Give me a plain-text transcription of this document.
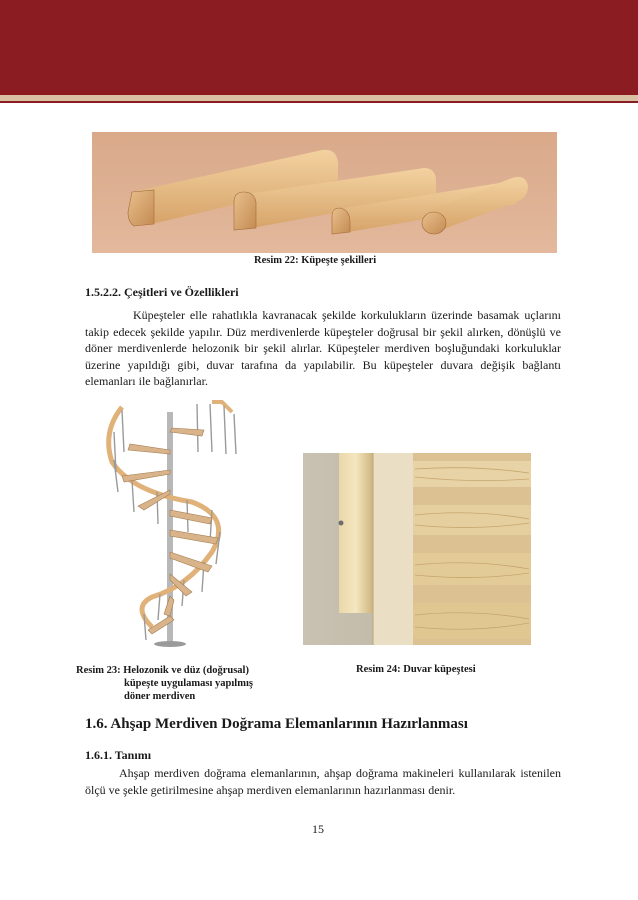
Resim 22: Küpeşte şekilleri
1.5.2.2. Çeşitleri ve Özellikleri

Küpeşteler elle rahatlıkla kavranacak şekilde korkulukların üzerinde basamak uçlarını takip edecek şekilde yapılır. Düz merdivenlerde küpeşteler doğrusal bir şekil alırken, dönüşlü ve döner merdivenlerde helozonik bir şekil alırlar. Küpeşteler merdiven boşluğundaki korkuluklar üzerine yapıldığı gibi, duvar tarafına da yapılabilir. Bu küpeşteler duvara değişik bağlantı elemanları ile bağlanırlar.

Resim 23: Helozonik ve düz (doğrusal)
küpeşte uygulaması yapılmış
döner merdiven
Resim 24: Duvar küpeştesi
1.6. Ahşap Merdiven Doğrama Elemanlarının Hazırlanması
1.6.1. Tanımı

Ahşap merdiven doğrama elemanlarının, ahşap doğrama makineleri kullanılarak istenilen ölçü ve şekle getirilmesine ahşap merdiven elemanlarının hazırlanması denir.

15
